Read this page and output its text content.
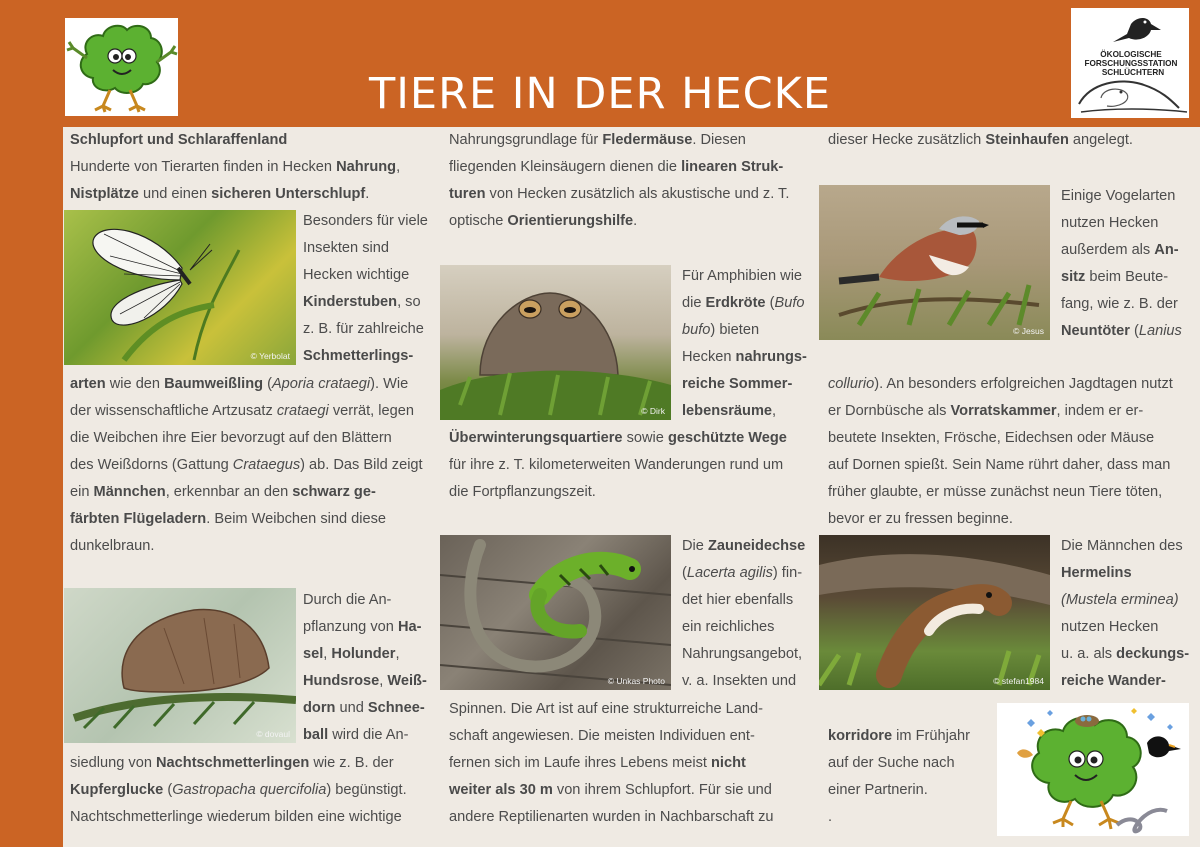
TIERE IN DER HECKE
ÖKOLOGISCHE
FORSCHUNGSSTATION
SCHLÜCHTERN
Schlupfort und Schlaraffenland
Hunderte von Tierarten finden in Hecken Nahrung,
Nistplätze und einen sicheren Unterschlupf.
arten wie den Baumweißling (Aporia crataegi). Wie
der wissenschaftliche Artzusatz crataegi verrät, legen
die Weibchen ihre Eier bevorzugt auf den Blättern
des Weißdorns (Gattung Crataegus) ab. Das Bild zeigt
ein Männchen, erkennbar an den schwarz ge-
färbten Flügeladern. Beim Weibchen sind diese
dunkelbraun.
siedlung von Nachtschmetterlingen wie z. B. der
Kupferglucke (Gastropacha quercifolia) begünstigt.
Nachtschmetterlinge wiederum bilden eine wichtige
Besonders für viele
Insekten sind
Hecken wichtige
Kinderstuben, so
z. B. für zahlreiche
Schmetterlings-
Durch die An-
pflanzung von Ha-
sel, Holunder,
Hundsrose, Weiß-
dorn und Schnee-
ball wird die An-
© Yerbolat
© dovaul
Nahrungsgrundlage für Fledermäuse. Diesen
fliegenden Kleinsäugern dienen die linearen Struk-
turen von Hecken zusätzlich als akustische und z. T.
optische Orientierungshilfe.
Überwinterungsquartiere sowie geschützte Wege
für ihre z. T. kilometerweiten Wanderungen rund um
die Fortpflanzungszeit.
Spinnen. Die Art ist auf eine strukturreiche Land-
schaft angewiesen. Die meisten Individuen ent-
fernen sich im Laufe ihres Lebens meist nicht
weiter als 30 m von ihrem Schlupfort. Für sie und
andere Reptilienarten wurden in Nachbarschaft zu
Für Amphibien wie
die Erdkröte (Bufo
bufo) bieten
Hecken nahrungs-
reiche Sommer-
lebensräume,
Die Zauneidechse
(Lacerta agilis) fin-
det hier ebenfalls
ein reichliches
Nahrungsangebot,
v. a. Insekten und
© Dirk
© Unkas Photo
dieser Hecke zusätzlich Steinhaufen angelegt.
collurio). An besonders erfolgreichen Jagdtagen nutzt
er Dornbüsche als Vorratskammer, indem er er-
beutete Insekten, Frösche, Eidechsen oder Mäuse
auf Dornen spießt. Sein Name rührt daher, dass man
früher glaubte, er müsse zunächst neun Tiere töten,
bevor er zu fressen beginne.
korridore im Frühjahr
auf der Suche nach
einer Partnerin.
.
Einige Vogelarten
nutzen Hecken
außerdem als An-
sitz beim Beute-
fang, wie z. B. der
Neuntöter (Lanius
Die Männchen des
Hermelins
(Mustela erminea)
nutzen Hecken
u. a. als deckungs-
reiche Wander-
© Jesus
© stefan1984
